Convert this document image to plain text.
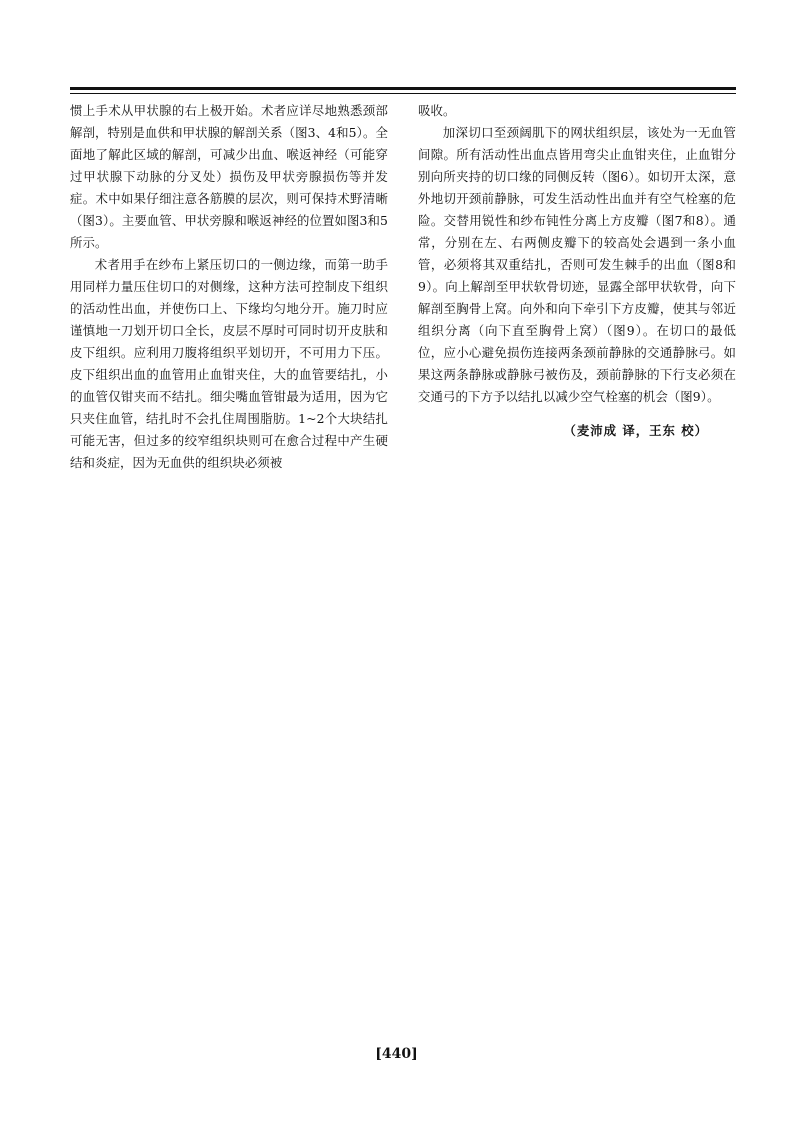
惯上手术从甲状腺的右上极开始。术者应详尽地熟悉颈部解剖，特别是血供和甲状腺的解剖关系（图3、4和5）。全面地了解此区域的解剖，可减少出血、喉返神经（可能穿过甲状腺下动脉的分叉处）损伤及甲状旁腺损伤等并发症。术中如果仔细注意各筋膜的层次，则可保持术野清晰（图3）。主要血管、甲状旁腺和喉返神经的位置如图3和5所示。

术者用手在纱布上紧压切口的一侧边缘，而第一助手用同样力量压住切口的对侧缘，这种方法可控制皮下组织的活动性出血，并使伤口上、下缘均匀地分开。施刀时应谨慎地一刀划开切口全长，皮层不厚时可同时切开皮肤和皮下组织。应利用刀腹将组织平划切开，不可用力下压。皮下组织出血的血管用止血钳夹住，大的血管要结扎，小的血管仅钳夹而不结扎。细尖嘴血管钳最为适用，因为它只夹住血管，结扎时不会扎住周围脂肪。1~2个大块结扎可能无害，但过多的绞窄组织块则可在愈合过程中产生硬结和炎症，因为无血供的组织块必须被

吸收。

加深切口至颈阔肌下的网状组织层，该处为一无血管间隙。所有活动性出血点皆用弯尖止血钳夹住，止血钳分别向所夹持的切口缘的同侧反转（图6）。如切开太深，意外地切开颈前静脉，可发生活动性出血并有空气栓塞的危险。交替用锐性和纱布钝性分离上方皮瓣（图7和8）。通常，分别在左、右两侧皮瓣下的较高处会遇到一条小血管，必须将其双重结扎，否则可发生棘手的出血（图8和9）。向上解剖至甲状软骨切迹，显露全部甲状软骨，向下解剖至胸骨上窝。向外和向下牵引下方皮瓣，使其与邻近组织分离（向下直至胸骨上窝）（图9）。在切口的最低位，应小心避免损伤连接两条颈前静脉的交通静脉弓。如果这两条静脉或静脉弓被伤及，颈前静脉的下行支必须在交通弓的下方予以结扎以减少空气栓塞的机会（图9）。

（麦沛成 译，王东 校）

[440]
